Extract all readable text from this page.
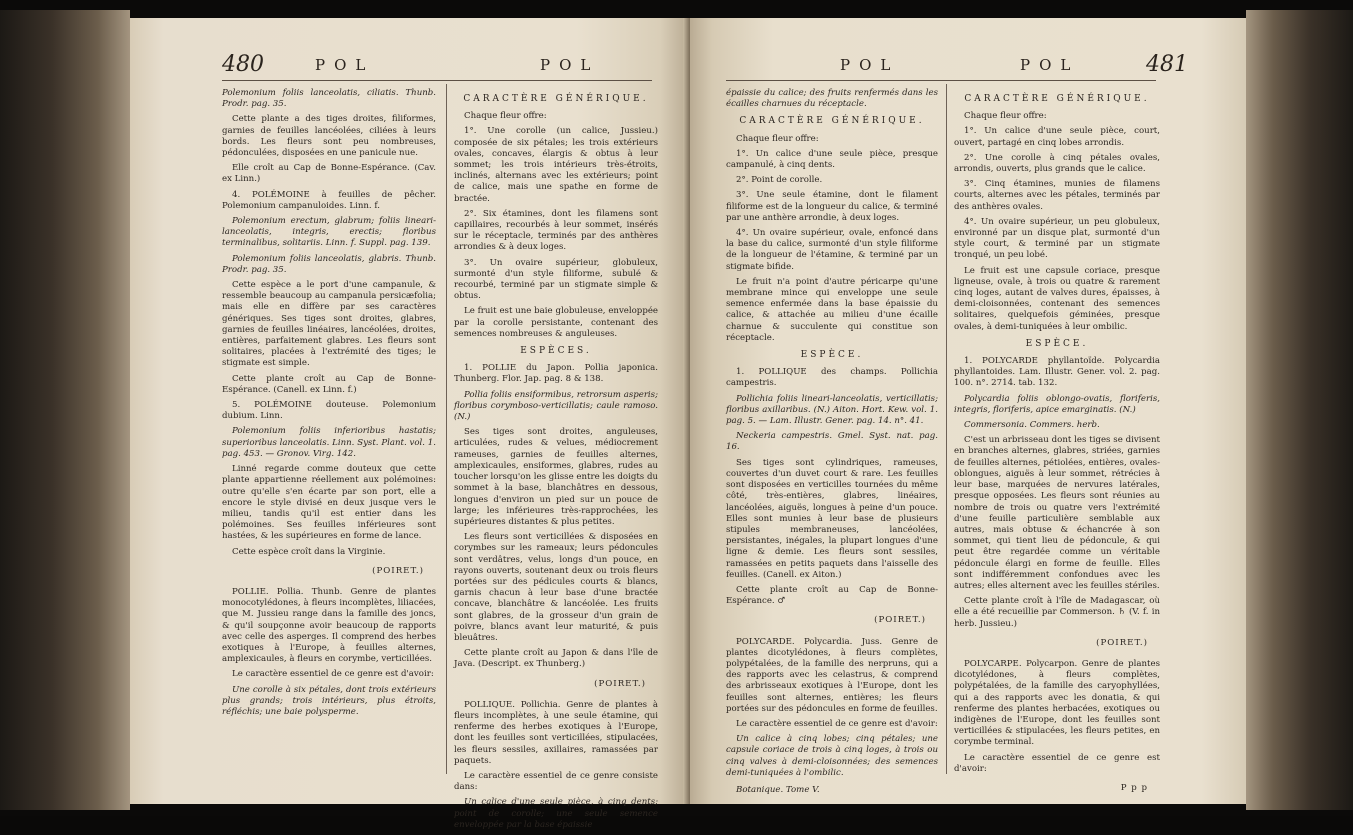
480	POL	POL

Polemonium foliis lanceolatis, ciliatis. Thunb. Prodr. pag. 35.

Cette plante a des tiges droites, filiformes, garnies de feuilles lancéolées, ciliées à leurs bords. Les fleurs sont peu nombreuses, pédonculées, disposées en une panicule nue.

Elle croît au Cap de Bonne-Espérance. (Cav. ex Linn.)

4. POLÉMOINE à feuilles de pêcher. Polemonium campanuloides. Linn. f.

Polemonium erectum, glabrum; foliis lineari-lanceolatis, integris, erectis; floribus terminalibus, solitariis. Linn. f. Suppl. pag. 139.

Polemonium foliis lanceolatis, glabris. Thunb. Prodr. pag. 35.

Cette espèce a le port d'une campanule, & ressemble beaucoup au campanula persicæfolia; mais elle en diffère par ses caractères génériques. Ses tiges sont droites, glabres, garnies de feuilles linéaires, lancéolées, droites, entières, parfaitement glabres. Les fleurs sont solitaires, placées à l'extrémité des tiges; le stigmate est simple.

Cette plante croît au Cap de Bonne-Espérance. (Canell. ex Linn. f.)

5. POLÉMOINE douteuse. Polemonium dubium. Linn.

Polemonium foliis inferioribus hastatis; superioribus lanceolatis. Linn. Syst. Plant. vol. 1. pag. 453. — Gronov. Virg. 142.

Linné regarde comme douteux que cette plante appartienne réellement aux polémoines: outre qu'elle s'en écarte par son port, elle a encore le style divisé en deux jusque vers le milieu, tandis qu'il est entier dans les polémoines. Ses feuilles inférieures sont hastées, & les supérieures en forme de lance.

Cette espèce croît dans la Virginie.

(POIRET.)

POLLIE. Pollia. Thunb. Genre de plantes monocotylédones, à fleurs incomplètes, liliacées, que M. Jussieu range dans la famille des joncs, & qu'il soupçonne avoir beaucoup de rapports avec celle des asperges. Il comprend des herbes exotiques à l'Europe, à feuilles alternes, amplexicaules, à fleurs en corymbe, verticillées.

Le caractère essentiel de ce genre est d'avoir:

Une corolle à six pétales, dont trois extérieurs plus grands; trois intérieurs, plus étroits, réfléchis; une baie polysperme.

CARACTÈRE GÉNÉRIQUE.

Chaque fleur offre:

1°. Une corolle (un calice, Jussieu.) composée de six pétales; les trois extérieurs ovales, concaves, élargis & obtus à leur sommet; les trois intérieurs très-étroits, inclinés, alternans avec les extérieurs; point de calice, mais une spathe en forme de bractée.

2°. Six étamines, dont les filamens sont capillaires, recourbés à leur sommet, insérés sur le réceptacle, terminés par des anthères arrondies & à deux loges.

3°. Un ovaire supérieur, globuleux, surmonté d'un style filiforme, subulé & recourbé, terminé par un stigmate simple & obtus.

Le fruit est une baie globuleuse, enveloppée par la corolle persistante, contenant des semences nombreuses & anguleuses.

ESPÈCES.

1. POLLIE du Japon. Pollia japonica. Thunberg. Flor. Jap. pag. 8 & 138.

Pollia foliis ensiformibus, retrorsum asperis; floribus corymboso-verticillatis; caule ramoso. (N.)

Ses tiges sont droites, anguleuses, articulées, rudes & velues, médiocrement rameuses, garnies de feuilles alternes, amplexicaules, ensiformes, glabres, rudes au toucher lorsqu'on les glisse entre les doigts du sommet à la base, blanchâtres en dessous, longues d'environ un pied sur un pouce de large; les inférieures très-rapprochées, les supérieures distantes & plus petites.

Les fleurs sont verticillées & disposées en corymbes sur les rameaux; leurs pédoncules sont verdâtres, velus, longs d'un pouce, en rayons ouverts, soutenant deux ou trois fleurs portées sur des pédicules courts & blancs, garnis chacun à leur base d'une bractée concave, blanchâtre & lancéolée. Les fruits sont glabres, de la grosseur d'un grain de poivre, blancs avant leur maturité, & puis bleuâtres.

Cette plante croît au Japon & dans l'île de Java. (Descript. ex Thunberg.)

(POIRET.)

POLLIQUE. Pollichia. Genre de plantes à fleurs incomplètes, à une seule étamine, qui renferme des herbes exotiques à l'Europe, dont les feuilles sont verticillées, stipulacées, les fleurs sessiles, axillaires, ramassées par paquets.

Le caractère essentiel de ce genre consiste dans:

Un calice d'une seule pièce, à cinq dents; point de corolle; une seule semence enveloppée par la base épaissie

POL	POL	481

épaissie du calice; des fruits renfermés dans les écailles charnues du réceptacle.

CARACTÈRE GÉNÉRIQUE.

Chaque fleur offre:

1°. Un calice d'une seule pièce, presque campanulé, à cinq dents.

2°. Point de corolle.

3°. Une seule étamine, dont le filament filiforme est de la longueur du calice, & terminé par une anthère arrondie, à deux loges.

4°. Un ovaire supérieur, ovale, enfoncé dans la base du calice, surmonté d'un style filiforme de la longueur de l'étamine, & terminé par un stigmate bifide.

Le fruit n'a point d'autre péricarpe qu'une membrane mince qui enveloppe une seule semence enfermée dans la base épaissie du calice, & attachée au milieu d'une écaille charnue & succulente qui constitue son réceptacle.

ESPÈCE.

1. POLLIQUE des champs. Pollichia campestris.

Pollichia foliis lineari-lanceolatis, verticillatis; floribus axillaribus. (N.) Aiton. Hort. Kew. vol. 1. pag. 5. — Lam. Illustr. Gener. pag. 14. n°. 41.

Neckeria campestris. Gmel. Syst. nat. pag. 16.

Ses tiges sont cylindriques, rameuses, couvertes d'un duvet court & rare. Les feuilles sont disposées en verticilles tournées du même côté, très-entières, glabres, linéaires, lancéolées, aiguës, longues à peine d'un pouce. Elles sont munies à leur base de plusieurs stipules membraneuses, lancéolées, persistantes, inégales, la plupart longues d'une ligne & demie. Les fleurs sont sessiles, ramassées en petits paquets dans l'aisselle des feuilles. (Canell. ex Aiton.)

Cette plante croît au Cap de Bonne-Espérance. ♂

(POIRET.)

POLYCARDE. Polycardia. Juss. Genre de plantes dicotylédones, à fleurs complètes, polypétalées, de la famille des nerpruns, qui a des rapports avec les celastrus, & comprend des arbrisseaux exotiques à l'Europe, dont les feuilles sont alternes, entières; les fleurs portées sur des pédoncules en forme de feuilles.

Le caractère essentiel de ce genre est d'avoir:

Un calice à cinq lobes; cinq pétales; une capsule coriace de trois à cinq loges, à trois ou cinq valves à demi-cloisonnées; des semences demi-tuniquées à l'ombilic.

Botanique. Tome V.

CARACTÈRE GÉNÉRIQUE.

Chaque fleur offre:

1°. Un calice d'une seule pièce, court, ouvert, partagé en cinq lobes arrondis.

2°. Une corolle à cinq pétales ovales, arrondis, ouverts, plus grands que le calice.

3°. Cinq étamines, munies de filamens courts, alternes avec les pétales, terminés par des anthères ovales.

4°. Un ovaire supérieur, un peu globuleux, environné par un disque plat, surmonté d'un style court, & terminé par un stigmate tronqué, un peu lobé.

Le fruit est une capsule coriace, presque ligneuse, ovale, à trois ou quatre & rarement cinq loges, autant de valves dures, épaisses, à demi-cloisonnées, contenant des semences solitaires, quelquefois géminées, presque ovales, à demi-tuniquées à leur ombilic.

ESPÈCE.

1. POLYCARDE phyllantoïde. Polycardia phyllantoides. Lam. Illustr. Gener. vol. 2. pag. 100. n°. 2714. tab. 132.

Polycardia foliis oblongo-ovatis, floriferis, integris, floriferis, apice emarginatis. (N.)

Commersonia. Commers. herb.

C'est un arbrisseau dont les tiges se divisent en branches alternes, glabres, striées, garnies de feuilles alternes, pétiolées, entières, ovales-oblongues, aiguës à leur sommet, rétrécies à leur base, marquées de nervures latérales, presque opposées. Les fleurs sont réunies au nombre de trois ou quatre vers l'extrémité d'une feuille particulière semblable aux autres, mais obtuse & échancrée à son sommet, qui tient lieu de pédoncule, & qui peut être regardée comme un véritable pédoncule élargi en forme de feuille. Elles sont indifféremment confondues avec les autres; elles alternent avec les feuilles stériles.

Cette plante croît à l'île de Madagascar, où elle a été recueillie par Commerson. ♄ (V. f. in herb. Jussieu.)

(POIRET.)

POLYCARPE. Polycarpon. Genre de plantes dicotylédones, à fleurs complètes, polypétalées, de la famille des caryophyllées, qui a des rapports avec les donatia, & qui renferme des plantes herbacées, exotiques ou indigènes de l'Europe, dont les feuilles sont verticillées & stipulacées, les fleurs petites, en corymbe terminal.

Le caractère essentiel de ce genre est d'avoir:

P p p
